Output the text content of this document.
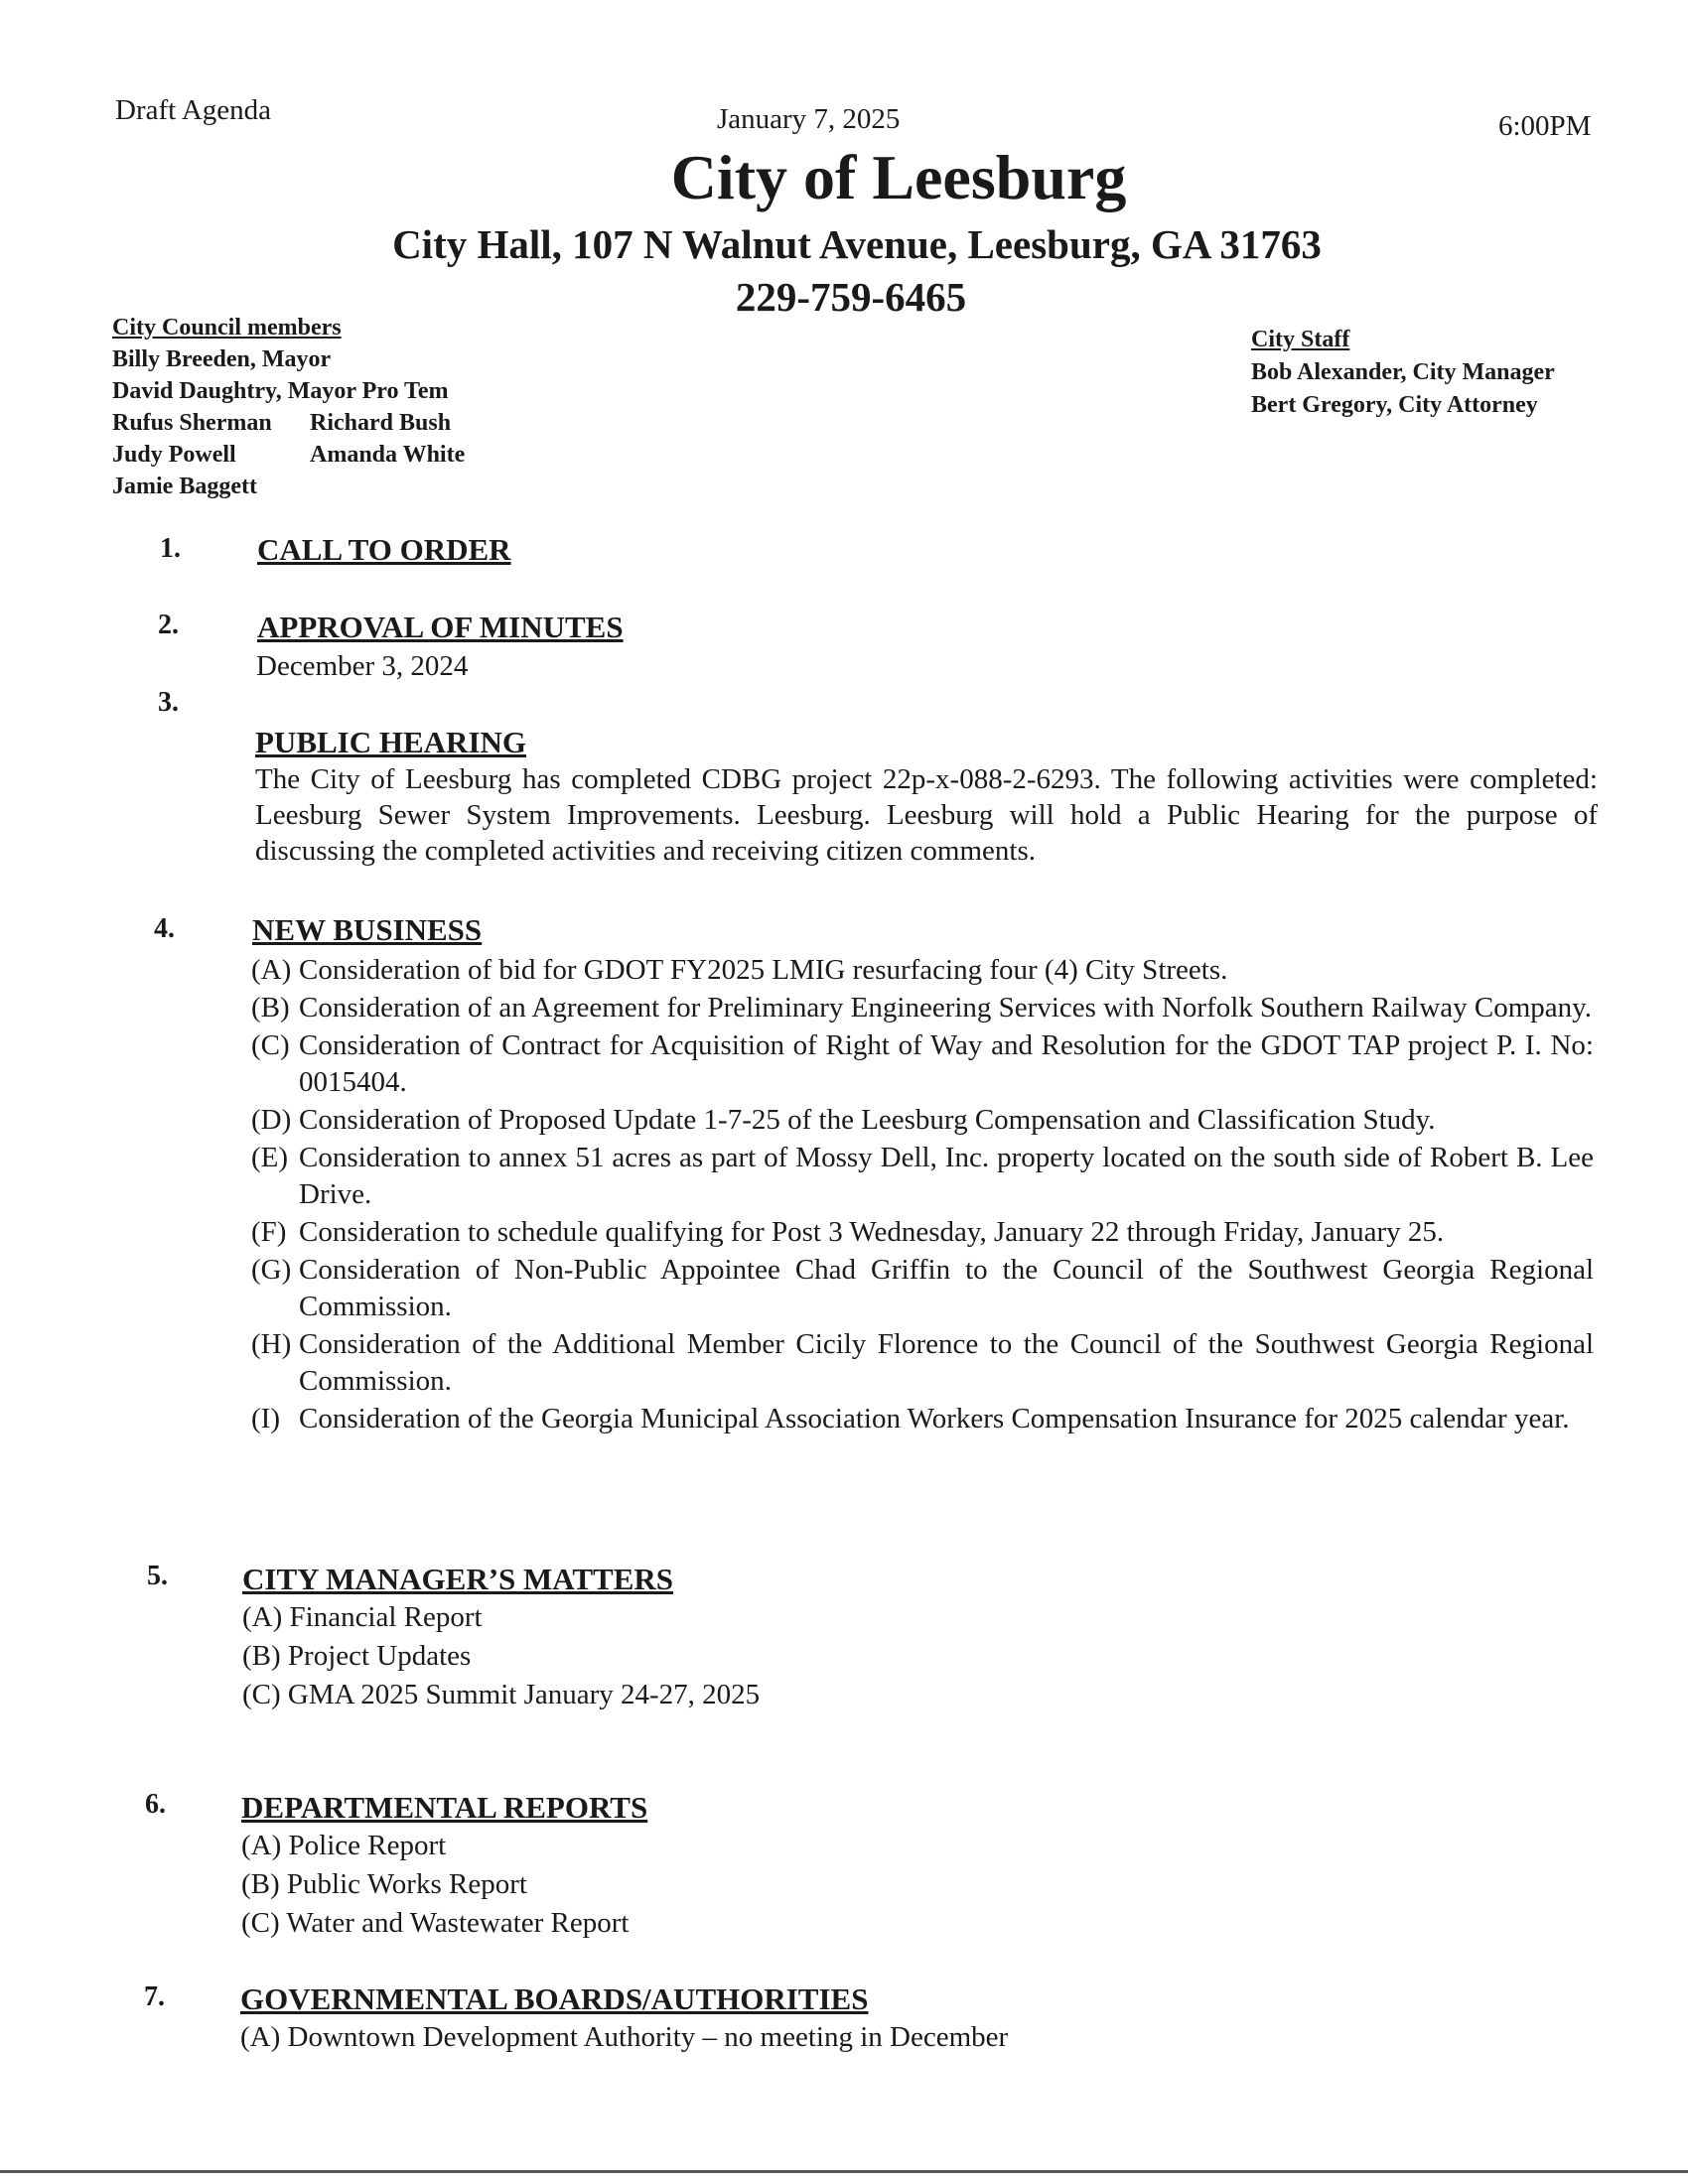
Draft Agenda	January 7, 2025	6:00PM
City of Leesburg
City Hall, 107 N Walnut Avenue, Leesburg, GA 31763
229-759-6465
City Council members
Billy Breeden, Mayor
David Daughtry, Mayor Pro Tem
Rufus Sherman	Richard Bush
Judy Powell	Amanda White
Jamie Baggett
City Staff
Bob Alexander, City Manager
Bert Gregory, City Attorney
1. CALL TO ORDER
2.	APPROVAL OF MINUTES
December 3, 2024
3.
PUBLIC HEARING
The City of Leesburg has completed CDBG project 22p-x-088-2-6293. The following activities were completed: Leesburg Sewer System Improvements. Leesburg. Leesburg will hold a Public Hearing for the purpose of discussing the completed activities and receiving citizen comments.
4.	NEW BUSINESS
(A) Consideration of bid for GDOT FY2025 LMIG resurfacing four (4) City Streets.
(B) Consideration of an Agreement for Preliminary Engineering Services with Norfolk Southern Railway Company.
(C) Consideration of Contract for Acquisition of Right of Way and Resolution for the GDOT TAP project P. I. No: 0015404.
(D) Consideration of Proposed Update 1-7-25 of the Leesburg Compensation and Classification Study.
(E) Consideration to annex 51 acres as part of Mossy Dell, Inc. property located on the south side of Robert B. Lee Drive.
(F) Consideration to schedule qualifying for Post 3 Wednesday, January 22 through Friday, January 25.
(G) Consideration of Non-Public Appointee Chad Griffin to the Council of the Southwest Georgia Regional Commission.
(H) Consideration of the Additional Member Cicily Florence to the Council of the Southwest Georgia Regional Commission.
(I) Consideration of the Georgia Municipal Association Workers Compensation Insurance for 2025 calendar year.
5. CITY MANAGER’S MATTERS
(A) Financial Report
(B) Project Updates
(C) GMA 2025 Summit January 24-27, 2025
6. DEPARTMENTAL REPORTS
(A) Police Report
(B) Public Works Report
(C) Water and Wastewater Report
7. GOVERNMENTAL BOARDS/AUTHORITIES
(A) Downtown Development Authority – no meeting in December
